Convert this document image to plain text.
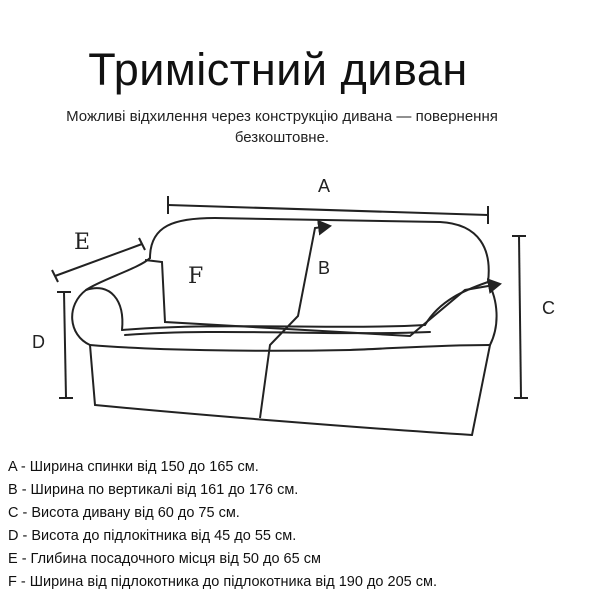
Тримістний диван
Можливі відхилення через конструкцію дивана — повернення безкоштовне.
A
B
C
D
E
F
A - Ширина спинки від 150 до 165 см.
B - Ширина по вертикалі від 161 до 176 см.
C - Висота дивану від 60 до 75 см.
D - Висота до підлокітника від 45 до 55 см.
E - Глибина посадочного місця від 50 до 65 см
F - Ширина від підлокотника до підлокотника від 190 до 205 см.
